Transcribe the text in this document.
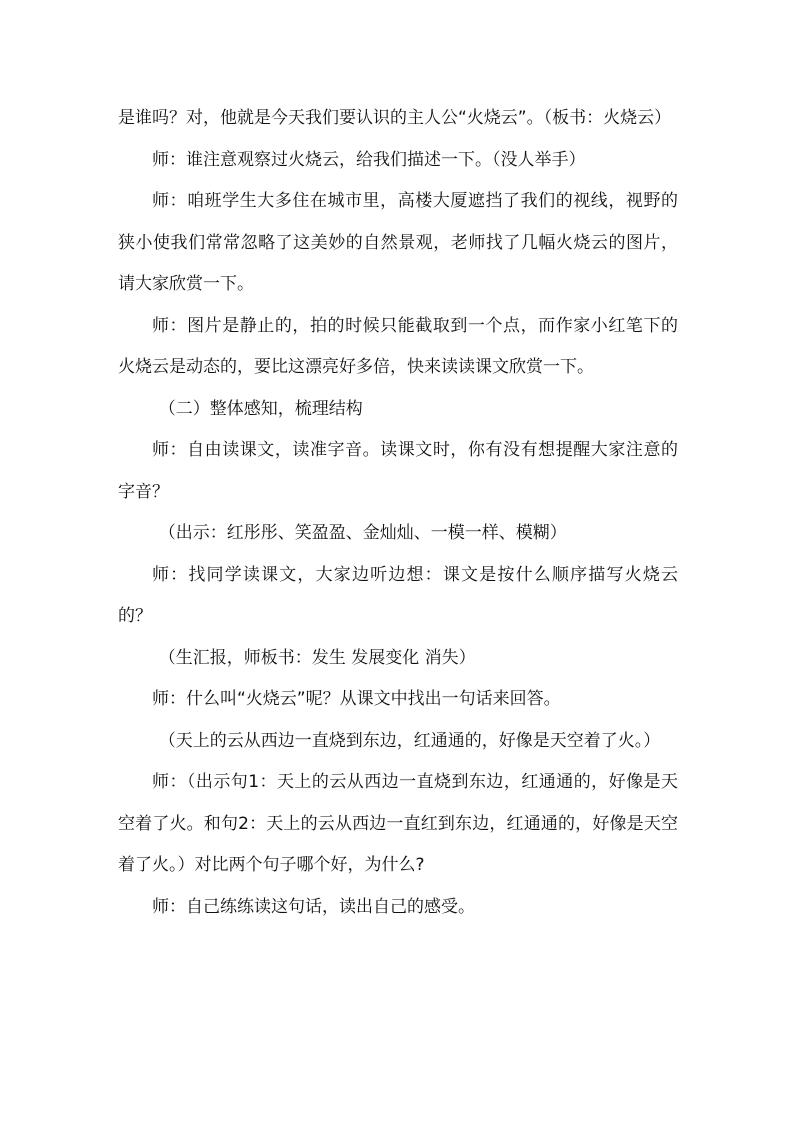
是谁吗？对，他就是今天我们要认识的主人公“火烧云”。（板书：火烧云）

师：谁注意观察过火烧云，给我们描述一下。（没人举手）

师：咱班学生大多住在城市里，高楼大厦遮挡了我们的视线，视野的狭小使我们常常忽略了这美妙的自然景观，老师找了几幅火烧云的图片，请大家欣赏一下。

师：图片是静止的，拍的时候只能截取到一个点，而作家小红笔下的火烧云是动态的，要比这漂亮好多倍，快来读读课文欣赏一下。

（二）整体感知，梳理结构

师：自由读课文，读准字音。读课文时，你有没有想提醒大家注意的字音？

（出示：红彤彤、笑盈盈、金灿灿、一模一样、模糊）

师：找同学读课文，大家边听边想：课文是按什么顺序描写火烧云的？

（生汇报，师板书：发生 发展变化 消失）

师：什么叫“火烧云”呢？从课文中找出一句话来回答。

（天上的云从西边一直烧到东边，红通通的，好像是天空着了火。）

师：（出示句1：天上的云从西边一直烧到东边，红通通的，好像是天空着了火。和句2：天上的云从西边一直红到东边，红通通的，好像是天空着了火。）对比两个句子哪个好，为什么?

师：自己练练读这句话，读出自己的感受。
